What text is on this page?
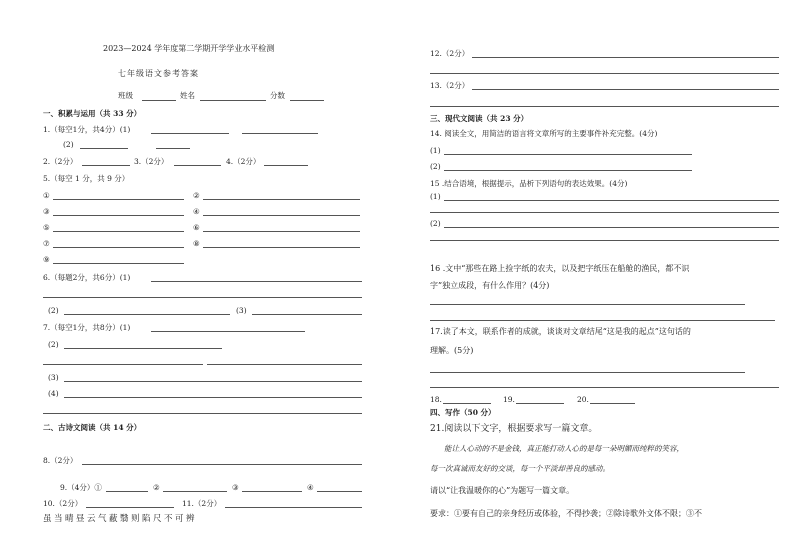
2023—2024 学年度第二学期开学学业水平检测
七年级语文参考答案
班级	姓名	分数
一、积累与运用（共 33 分）
1.（每空1分，共4分）(1)
(2)
2.（2分）	3.（2分）	4.（2分）
5.（每空 1 分，共 9 分）
①	②
③	④
⑤	⑥
⑦	⑧
⑨
6.（每题2分，共6分）(1)
(2)	(3)
7.（每空1分，共8分）(1)
(2)
(3)
(4)
二、古诗文阅读（共 14 分）
8.（2分）
9.（4分）①	②	③	④
10.（2分）	11.（2分）
虽当晴昼云气蔽翳则陷尺不可辨
12.（2分）
13.（2分）
三、现代文阅读（共 23 分）
14. 阅读全文，用简洁的语言将文章所写的主要事件补充完整。(4分)
(1)
(2)
15 .结合语境，根据提示，品析下列语句的表达效果。(4分)
(1)
(2)
16 .文中“那些在路上捡字纸的农夫，以及把字纸压在船舱的渔民，都不识
字”独立成段，有什么作用？(4分)
17.读了本文，联系作者的成就，谈谈对文章结尾“这是我的起点”这句话的
理解。(5分)
18.	19.	20.
四、写作（50 分）
21.阅读以下文字，根据要求写一篇文章。
能让人心动的不是金钱，真正能打动人心的是每一朵明媚而纯粹的笑容，
每一次真诚而友好的交谈，每一个平淡却善良的感动。
请以“让我温暖你的心”为题写一篇文章。
要求：①要有自己的亲身经历或体验，不得抄袭；②除诗歌外文体不限；③不
